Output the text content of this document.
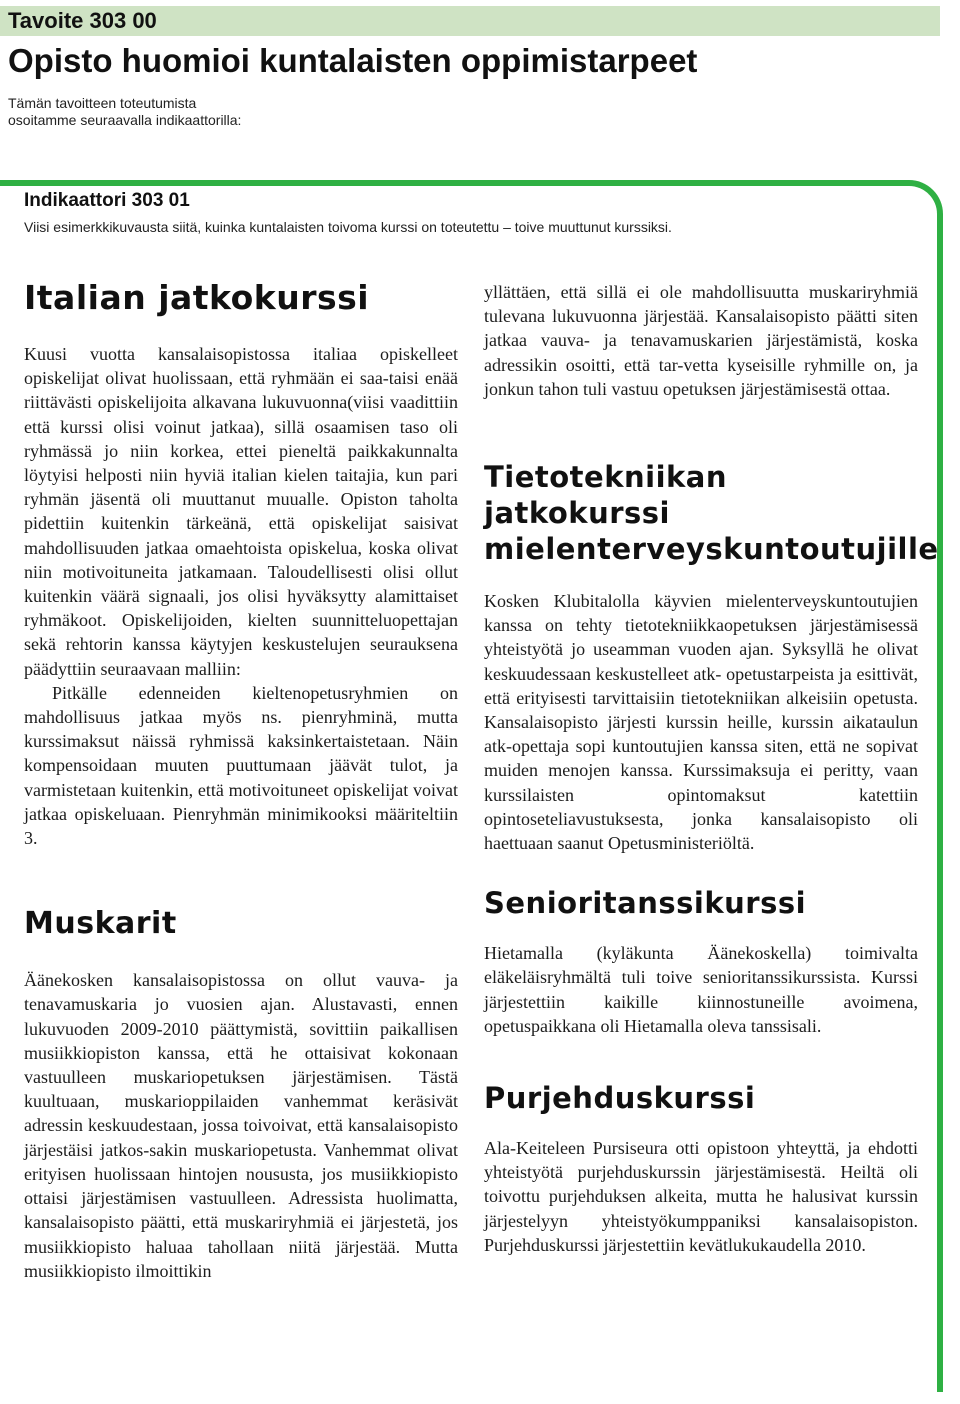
Tavoite 303 00
Opisto huomioi kuntalaisten oppimistarpeet
Tämän tavoitteen toteutumista
osoitamme seuraavalla indikaattorilla:
Indikaattori 303 01
Viisi esimerkkikuvausta siitä, kuinka kuntalaisten toivoma kurssi on toteutettu – toive muuttunut kurssiksi.
Italian jatkokurssi

Kuusi vuotta kansalaisopistossa italiaa opiskelleet opiskelijat olivat huolissaan, että ryhmään ei saa-taisi enää riittävästi opiskelijoita alkavana lukuvuonna(viisi vaadittiin että kurssi olisi voinut jatkaa), sillä osaamisen taso oli ryhmässä jo niin korkea, ettei pieneltä paikkakunnalta löytyisi helposti niin hyviä italian kielen taitajia, kun pari ryhmän jäsentä oli muuttanut muualle. Opiston taholta pidettiin kuitenkin tärkeänä, että opiskelijat saisivat mahdollisuuden jatkaa omaehtoista opiskelua, koska olivat niin motivoituneita jatkamaan. Taloudellisesti olisi ollut kuitenkin väärä signaali, jos olisi hyväksytty alamittaiset ryhmäkoot. Opiskelijoiden, kielten suunnitteluopettajan sekä rehtorin kanssa käytyjen keskustelujen seurauksena päädyttiin seuraavaan malliin:
Pitkälle edenneiden kieltenopetusryhmien on mahdollisuus jatkaa myös ns. pienryhminä, mutta kurssimaksut näissä ryhmissä kaksinkertaistetaan. Näin kompensoidaan muuten puuttumaan jäävät tulot, ja varmistetaan kuitenkin, että motivoituneet opiskelijat voivat jatkaa opiskeluaan. Pienryhmän minimikooksi määriteltiin 3.

Muskarit

Äänekosken kansalaisopistossa on ollut vauva- ja tenavamuskaria jo vuosien ajan. Alustavasti, ennen lukuvuoden 2009-2010 päättymistä, sovittiin paikallisen musiikkiopiston kanssa, että he ottaisivat kokonaan vastuulleen muskariopetuksen järjestämisen. Tästä kuultuaan, muskarioppilaiden vanhemmat keräsivät adressin keskuudestaan, jossa toivoivat, että kansalaisopisto järjestäisi jatkos-sakin muskariopetusta. Vanhemmat olivat erityisen huolissaan hintojen noususta, jos musiikkiopisto ottaisi järjestämisen vastuulleen. Adressista huolimatta, kansalaisopisto päätti, että muskariryhmiä ei järjestetä, jos musiikkiopisto haluaa tahollaan niitä järjestää. Mutta musiikkiopisto ilmoittikin

yllättäen, että sillä ei ole mahdollisuutta muskariryhmiä tulevana lukuvuonna järjestää. Kansalaisopisto päätti siten jatkaa vauva- ja tenavamuskarien järjestämistä, koska adressikin osoitti, että tar-vetta kyseisille ryhmille on, ja jonkun tahon tuli vastuu opetuksen järjestämisestä ottaa.

Tietotekniikan jatkokurssi
mielenterveyskuntoutujille

Kosken Klubitalolla käyvien mielenterveyskuntoutujien kanssa on tehty tietotekniikkaopetuksen järjestämisessä yhteistyötä jo useamman vuoden ajan. Syksyllä he olivat keskuudessaan keskustelleet atk- opetustarpeista ja esittivät, että erityisesti tarvittaisiin tietotekniikan alkeisiin opetusta. Kansalaisopisto järjesti kurssin heille, kurssin aikataulun atk-opettaja sopi kuntoutujien kanssa siten, että ne sopivat muiden menojen kanssa. Kurssimaksuja ei peritty, vaan kurssilaisten opintomaksut katettiin opintoseteliavustuksesta, jonka kansalaisopisto oli haettuaan saanut Opetusministeriöltä.

Senioritanssikurssi

Hietamalla (kyläkunta Äänekoskella) toimivalta eläkeläisryhmältä tuli toive senioritanssikurssista. Kurssi järjestettiin kaikille kiinnostuneille avoimena, opetuspaikkana oli Hietamalla oleva tanssisali.

Purjehduskurssi

Ala-Keiteleen Pursiseura otti opistoon yhteyttä, ja ehdotti yhteistyötä purjehduskurssin järjestämisestä. Heiltä oli toivottu purjehduksen alkeita, mutta he halusivat kurssin järjestelyyn yhteistyökumppaniksi kansalaisopiston. Purjehduskurssi järjestettiin kevätlukukaudella 2010.
